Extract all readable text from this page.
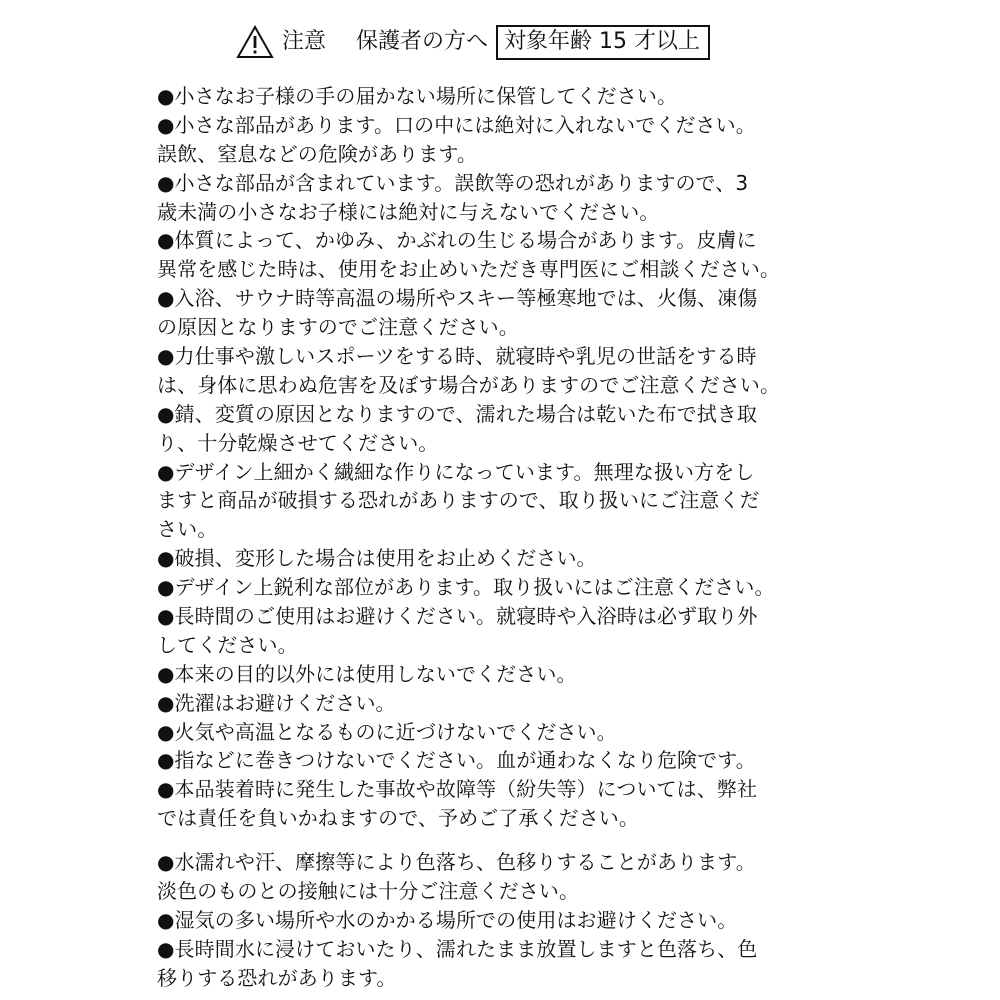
注意 保護者の方へ 対象年齢 15 才以上
●小さなお子様の手の届かない場所に保管してください。
●小さな部品があります。口の中には絶対に入れないでください。
誤飲、窒息などの危険があります。
●小さな部品が含まれています。誤飲等の恐れがありますので、3
歳未満の小さなお子様には絶対に与えないでください。
●体質によって、かゆみ、かぶれの生じる場合があります。皮膚に
異常を感じた時は、使用をお止めいただき専門医にご相談ください。
●入浴、サウナ時等高温の場所やスキー等極寒地では、火傷、凍傷
の原因となりますのでご注意ください。
●力仕事や激しいスポーツをする時、就寝時や乳児の世話をする時
は、身体に思わぬ危害を及ぼす場合がありますのでご注意ください。
●錆、変質の原因となりますので、濡れた場合は乾いた布で拭き取
り、十分乾燥させてください。
●デザイン上細かく繊細な作りになっています。無理な扱い方をし
ますと商品が破損する恐れがありますので、取り扱いにご注意くだ
さい。
●破損、変形した場合は使用をお止めください。
●デザイン上鋭利な部位があります。取り扱いにはご注意ください。
●長時間のご使用はお避けください。就寝時や入浴時は必ず取り外
してください。
●本来の目的以外には使用しないでください。
●洗濯はお避けください。
●火気や高温となるものに近づけないでください。
●指などに巻きつけないでください。血が通わなくなり危険です。
●本品装着時に発生した事故や故障等（紛失等）については、弊社
では責任を負いかねますので、予めご了承ください。
●水濡れや汗、摩擦等により色落ち、色移りすることがあります。
淡色のものとの接触には十分ご注意ください。
●湿気の多い場所や水のかかる場所での使用はお避けください。
●長時間水に浸けておいたり、濡れたまま放置しますと色落ち、色
移りする恐れがあります。
